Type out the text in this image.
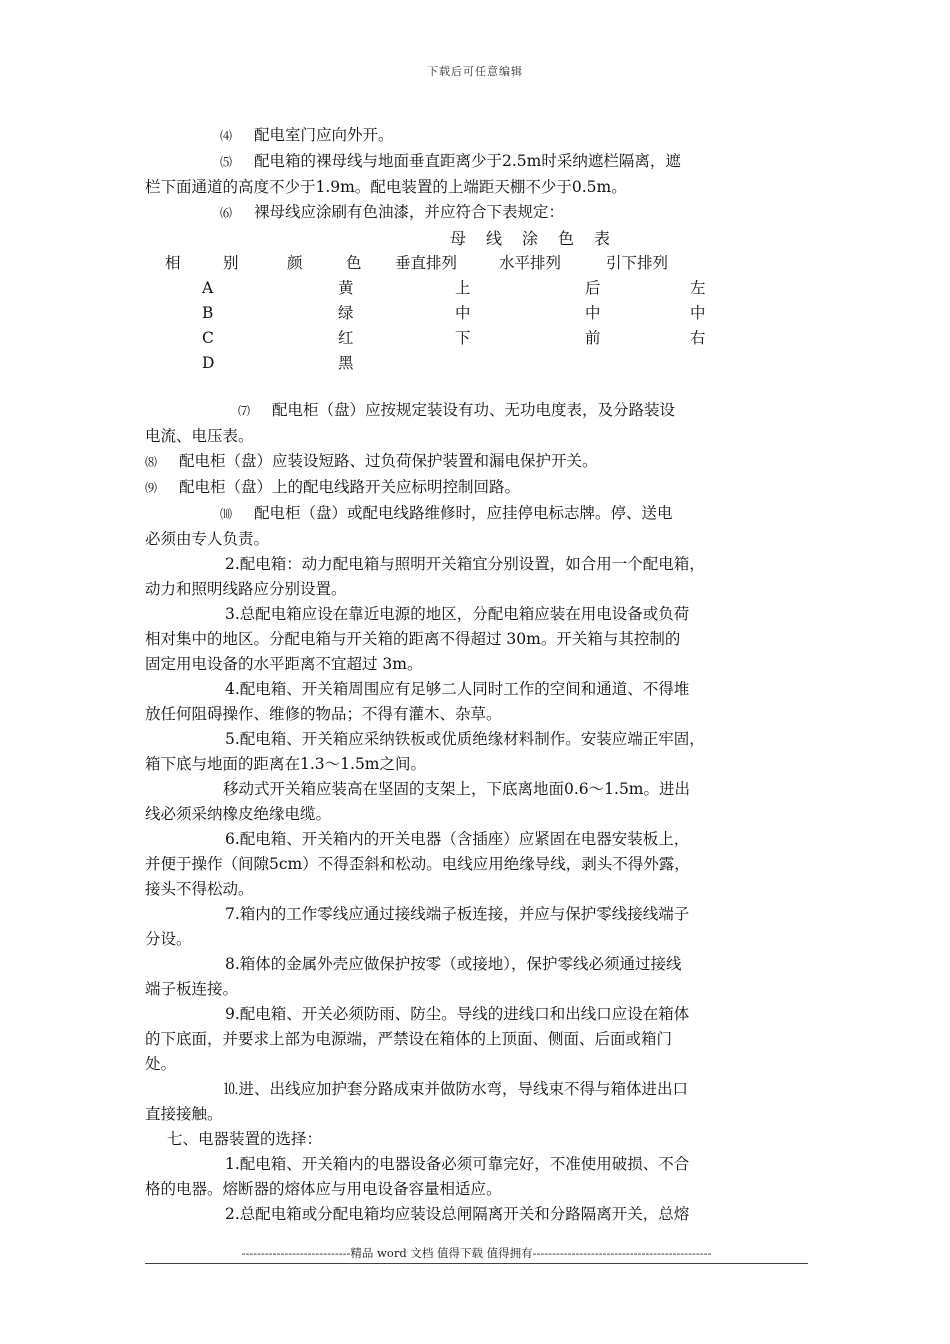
下载后可任意编辑

⑷ 配电室门应向外开。

⑸ 配电箱的裸母线与地面垂直距离少于2.5m时采纳遮栏隔离，遮

栏下面通道的高度不少于1.9m。配电装置的上端距天棚不少于0.5m。

⑹ 裸母线应涂刷有色油漆，并应符合下表规定：

母 线 涂 色 表
相	别	颜	色 垂直排列	水平排列	引下排列
A	黄	上	后	左
B	绿	中	中	中
C	红	下	前	右
D	黑

⑺ 配电柜（盘）应按规定装设有功、无功电度表，及分路装设

电流、电压表。

⑻ 配电柜（盘）应装设短路、过负荷保护装置和漏电保护开关。

⑼ 配电柜（盘）上的配电线路开关应标明控制回路。

⑽ 配电柜（盘）或配电线路维修时，应挂停电标志牌。停、送电

必须由专人负责。

2.配电箱：动力配电箱与照明开关箱宜分别设置，如合用一个配电箱，

动力和照明线路应分别设置。

3.总配电箱应设在靠近电源的地区，分配电箱应装在用电设备或负荷

相对集中的地区。分配电箱与开关箱的距离不得超过 30m。开关箱与其控制的

固定用电设备的水平距离不宜超过 3m。

4.配电箱、开关箱周围应有足够二人同时工作的空间和通道、不得堆

放任何阻碍操作、维修的物品；不得有灌木、杂草。

5.配电箱、开关箱应采纳铁板或优质绝缘材料制作。安装应端正牢固，

箱下底与地面的距离在1.3～1.5m之间。

移动式开关箱应装高在坚固的支架上，下底离地面0.6～1.5m。进出

线必须采纳橡皮绝缘电缆。

6.配电箱、开关箱内的开关电器（含插座）应紧固在电器安装板上，

并便于操作（间隙5cm）不得歪斜和松动。电线应用绝缘导线，剥头不得外露，

接头不得松动。

7.箱内的工作零线应通过接线端子板连接，并应与保护零线接线端子

分设。

8.箱体的金属外壳应做保护按零（或接地），保护零线必须通过接线

端子板连接。

9.配电箱、开关必须防雨、防尘。导线的进线口和出线口应设在箱体

的下底面，并要求上部为电源端，严禁设在箱体的上顶面、侧面、后面或箱门

处。

⒑进、出线应加护套分路成束并做防水弯，导线束不得与箱体进出口

直接接触。

七、电器装置的选择：

1.配电箱、开关箱内的电器设备必须可靠完好，不准使用破损、不合

格的电器。熔断器的熔体应与用电设备容量相适应。

2.总配电箱或分配电箱均应装设总闸隔离开关和分路隔离开关，总熔

----------------------------精品 word 文档 值得下载 值得拥有----------------------------------------------
